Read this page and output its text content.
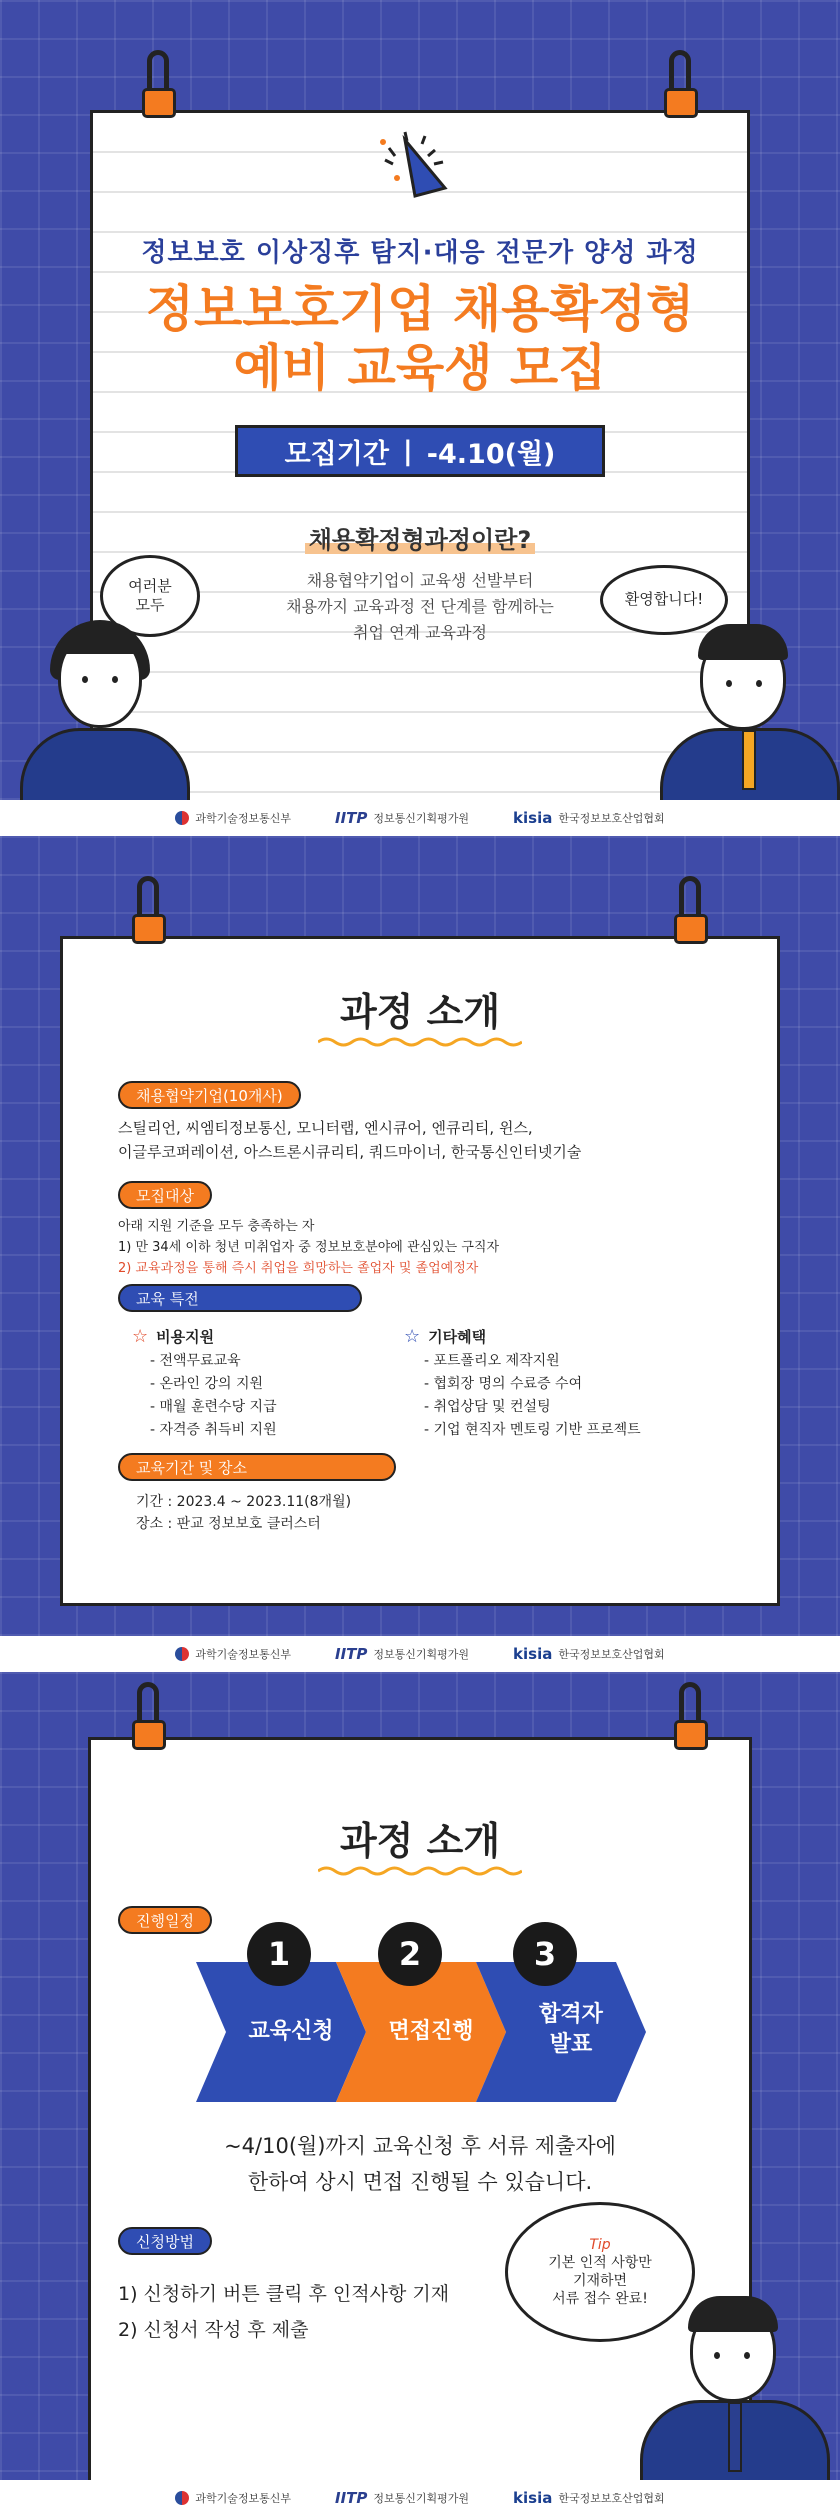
정보보호 이상징후 탐지·대응 전문가 양성 과정
정보보호기업 채용확정형
예비 교육생 모집
모집기간 | -4.10(월)
채용확정형과정이란?
채용협약기업이 교육생 선발부터
채용까지 교육과정 전 단계를 함께하는
취업 연계 교육과정
여러분
모두	환영합니다!
과학기술정보통신부	IITP 정보통신기획평가원	kisia 한국정보보호산업협회
과정 소개
채용협약기업(10개사)
스틸리언, 씨엠티정보통신, 모니터랩, 엔시큐어, 엔큐리티, 윈스,
이글루코퍼레이션, 아스트론시큐리티, 쿼드마이너, 한국통신인터넷기술
모집대상
아래 지원 기준을 모두 충족하는 자
1) 만 34세 이하 청년 미취업자 중 정보보호분야에 관심있는 구직자
2) 교육과정을 통해 즉시 취업을 희망하는 졸업자 및 졸업예정자
교육 특전
☆ 비용지원
- 전액무료교육
- 온라인 강의 지원
- 매월 훈련수당 지급
- 자격증 취득비 지원
☆ 기타혜택
- 포트폴리오 제작지원
- 협회장 명의 수료증 수여
- 취업상담 및 컨설팅
- 기업 현직자 멘토링 기반 프로젝트
교육기간 및 장소
기간 : 2023.4 ~ 2023.11(8개월)
장소 : 판교 정보보호 클러스터
과학기술정보통신부	IITP 정보통신기획평가원	kisia 한국정보보호산업협회
과정 소개
진행일정
1	2	3
교육신청	면접진행
합격자
발표
~4/10(월)까지 교육신청 후 서류 제출자에
한하여 상시 면접 진행될 수 있습니다.
신청방법
1) 신청하기 버튼 클릭 후 인적사항 기재
2) 신청서 작성 후 제출
Tip
기본 인적 사항만
기재하면
서류 접수 완료!
과학기술정보통신부	IITP 정보통신기획평가원	kisia 한국정보보호산업협회
